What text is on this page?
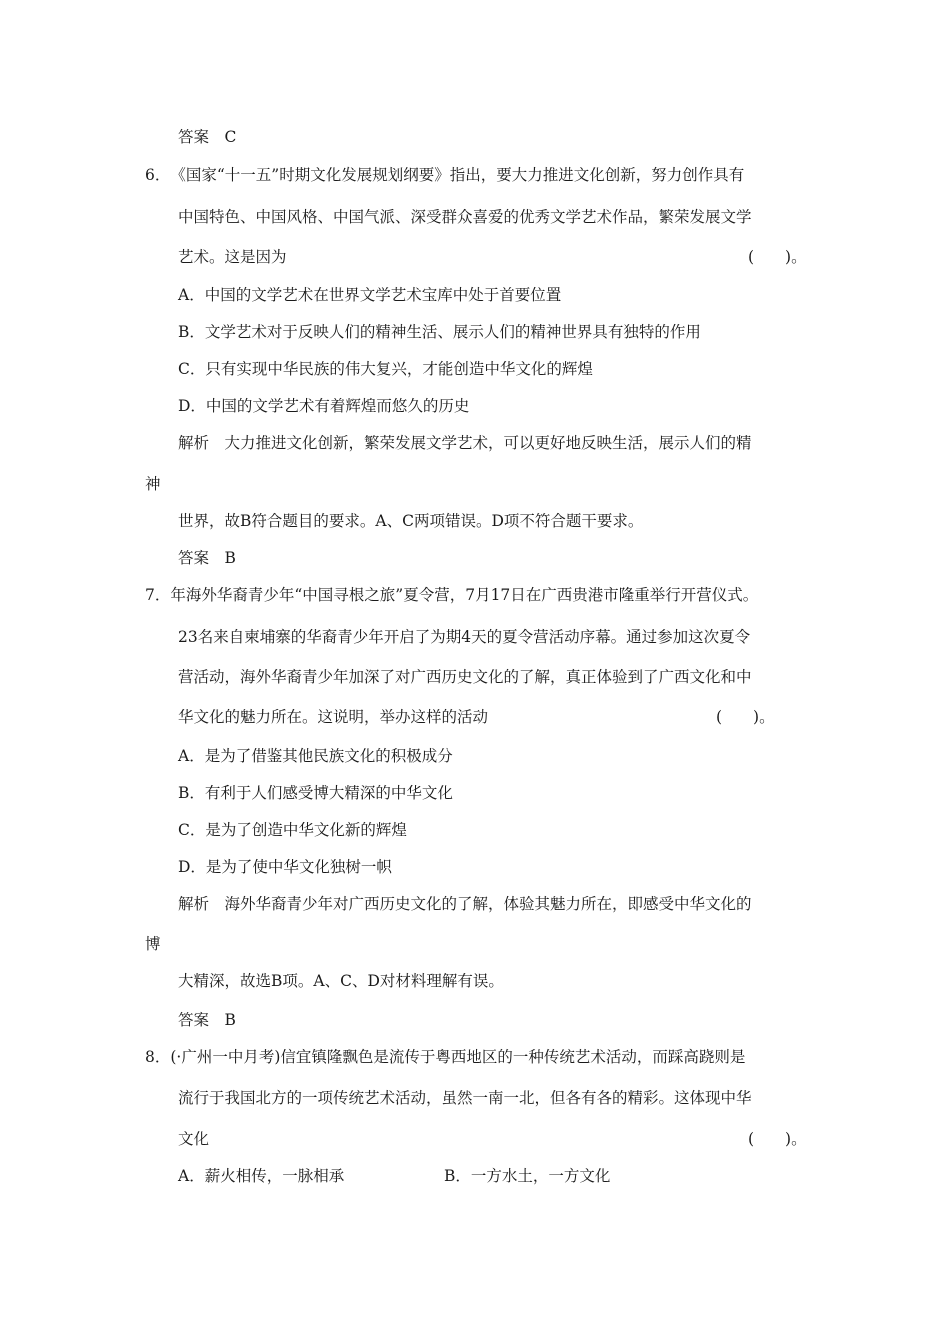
答案　C
6．　《国家“十一五”时期文化发展规划纲要》指出，要大力推进文化创新，努力创作具有
中国特色、中国风格、中国气派、深受群众喜爱的优秀文学艺术作品，繁荣发展文学
艺术。这是因为	(　　)。
A．中国的文学艺术在世界文学艺术宝库中处于首要位置
B．文学艺术对于反映人们的精神生活、展示人们的精神世界具有独特的作用
C．只有实现中华民族的伟大复兴，才能创造中华文化的辉煌
D．中国的文学艺术有着辉煌而悠久的历史
解析　大力推进文化创新，繁荣发展文学艺术，可以更好地反映生活，展示人们的精
神
世界，故B符合题目的要求。A、C两项错误。D项不符合题干要求。
答案　B
7．年海外华裔青少年“中国寻根之旅”夏令营，7月17日在广西贵港市隆重举行开营仪式。
23名来自柬埔寨的华裔青少年开启了为期4天的夏令营活动序幕。通过参加这次夏令
营活动，海外华裔青少年加深了对广西历史文化的了解，真正体验到了广西文化和中
华文化的魅力所在。这说明，举办这样的活动	(　　)。
A．是为了借鉴其他民族文化的积极成分
B．有利于人们感受博大精深的中华文化
C．是为了创造中华文化新的辉煌
D．是为了使中华文化独树一帜
解析　海外华裔青少年对广西历史文化的了解，体验其魅力所在，即感受中华文化的
博
大精深，故选B项。A、C、D对材料理解有误。
答案　B
8．(·广州一中月考)信宜镇隆飘色是流传于粤西地区的一种传统艺术活动，而踩高跷则是
流行于我国北方的一项传统艺术活动，虽然一南一北，但各有各的精彩。这体现中华
文化	(　　)。
A．薪火相传，一脉相承	B．一方水土，一方文化
